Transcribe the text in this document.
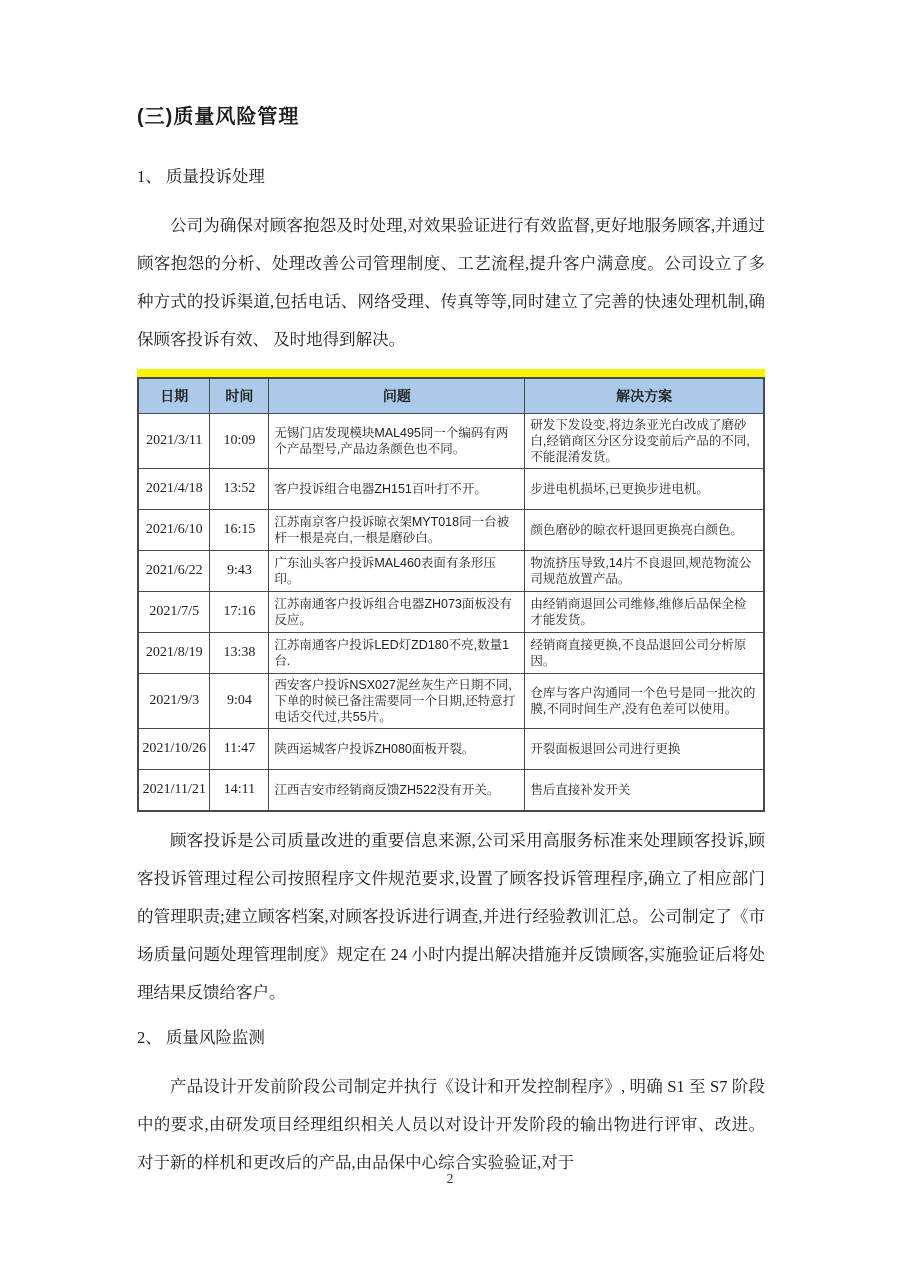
(三)质量风险管理
1、 质量投诉处理

公司为确保对顾客抱怨及时处理,对效果验证进行有效监督,更好地服务顾客,并通过顾客抱怨的分析、处理改善公司管理制度、工艺流程,提升客户满意度。公司设立了多种方式的投诉渠道,包括电话、网络受理、传真等等,同时建立了完善的快速处理机制,确保顾客投诉有效、 及时地得到解决。

日期	时间	问题	解决方案
2021/3/11	10:09	无锡门店发现模块MAL495同一个编码有两个产品型号,产品边条颜色也不同。	研发下发设变,将边条亚光白改成了磨砂白,经销商区分区分设变前后产品的不同,不能混淆发货。
2021/4/18	13:52	客户投诉组合电器ZH151百叶打不开。	步进电机损坏,已更换步进电机。
2021/6/10	16:15	江苏南京客户投诉晾衣架MYT018同一台被杆一根是亮白,一根是磨砂白。	颜色磨砂的晾衣杆退回更换亮白颜色。
2021/6/22	9:43	广东汕头客户投诉MAL460表面有条形压印。	物流挤压导致,14片不良退回,规范物流公司规范放置产品。
2021/7/5	17:16	江苏南通客户投诉组合电器ZH073面板没有反应。	由经销商退回公司维修,维修后品保全检才能发货。
2021/8/19	13:38	江苏南通客户投诉LED灯ZD180不亮,数量1台.	经销商直接更换,不良品退回公司分析原因。
2021/9/3	9:04	西安客户投诉NSX027泥丝灰生产日期不同,下单的时候已备注需要同一个日期,还特意打电话交代过,共55片。	仓库与客户沟通同一个色号是同一批次的膜,不同时间生产,没有色差可以使用。
2021/10/26	11:47	陕西运城客户投诉ZH080面板开裂。	开裂面板退回公司进行更换
2021/11/21	14:11	江西吉安市经销商反馈ZH522没有开关。	售后直接补发开关

顾客投诉是公司质量改进的重要信息来源,公司采用高服务标准来处理顾客投诉,顾客投诉管理过程公司按照程序文件规范要求,设置了顾客投诉管理程序,确立了相应部门的管理职责;建立顾客档案,对顾客投诉进行调查,并进行经验教训汇总。公司制定了《市场质量问题处理管理制度》规定在 24 小时内提出解决措施并反馈顾客,实施验证后将处理结果反馈给客户。

2、 质量风险监测

产品设计开发前阶段公司制定并执行《设计和开发控制程序》, 明确 S1 至 S7 阶段中的要求,由研发项目经理组织相关人员以对设计开发阶段的输出物进行评审、改进。对于新的样机和更改后的产品,由品保中心综合实验验证,对于

2
